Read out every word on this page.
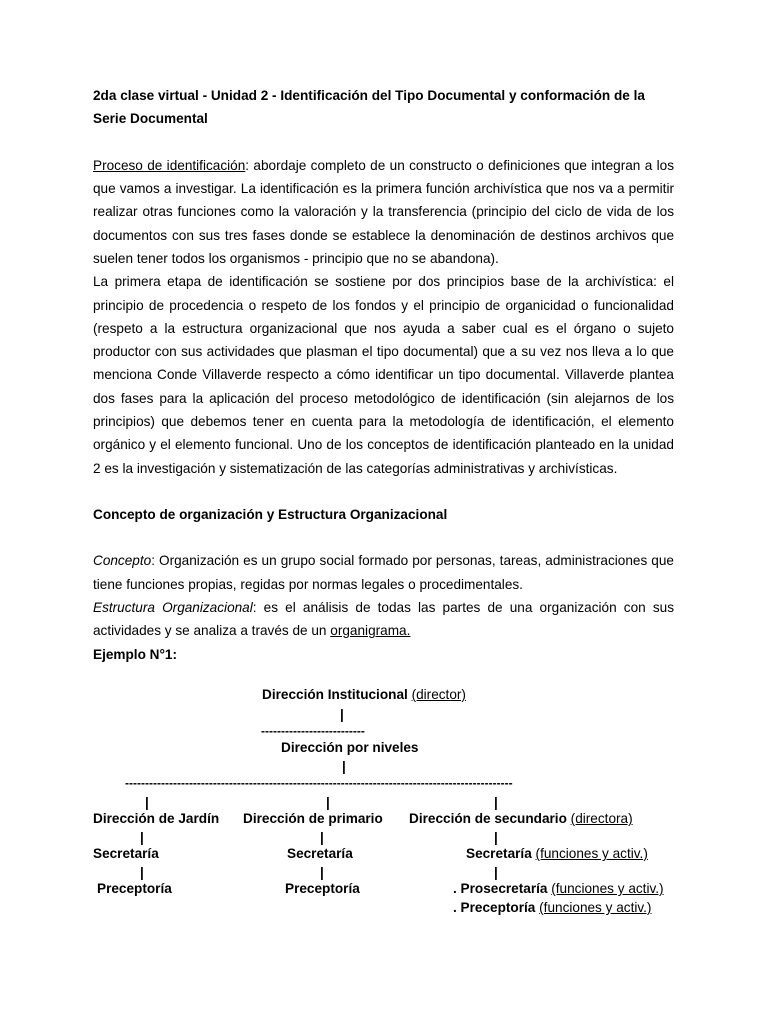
2da clase virtual - Unidad 2 - Identificación del Tipo Documental y conformación de la Serie Documental

Proceso de identificación: abordaje completo de un constructo o definiciones que integran a los que vamos a investigar. La identificación es la primera función archivística que nos va a permitir realizar otras funciones como la valoración y la transferencia (principio del ciclo de vida de los documentos con sus tres fases donde se establece la denominación de destinos archivos que suelen tener todos los organismos - principio que no se abandona).

La primera etapa de identificación se sostiene por dos principios base de la archivística: el principio de procedencia o respeto de los fondos y el principio de organicidad o funcionalidad (respeto a la estructura organizacional que nos ayuda a saber cual es el órgano o sujeto productor con sus actividades que plasman el tipo documental) que a su vez nos lleva a lo que menciona Conde Villaverde respecto a cómo identificar un tipo documental. Villaverde plantea dos fases para la aplicación del proceso metodológico de identificación (sin alejarnos de los principios) que debemos tener en cuenta para la metodología de identificación, el elemento orgánico y el elemento funcional. Uno de los conceptos de identificación planteado en la unidad 2 es la investigación y sistematización de las categorías administrativas y archivísticas.

Concepto de organización y Estructura Organizacional

Concepto: Organización es un grupo social formado por personas, tareas, administraciones que tiene funciones propias, regidas por normas legales o procedimentales.

Estructura Organizacional: es el análisis de todas las partes de una organización con sus actividades y se analiza a través de un organigrama.

Ejemplo N°1:

Dirección Institucional (director)
|
--------------------------
Dirección por niveles
|
-------------------------------------------------------------------------------------------------
|	|	|
Dirección de Jardín Dirección de primario Dirección de secundario (directora)
|	|	|
Secretaría	Secretaría	Secretaría (funciones y activ.)
|	|	|
Preceptoría	Preceptoría	. Prosecretaría (funciones y activ.)
. Preceptoría (funciones y activ.)
